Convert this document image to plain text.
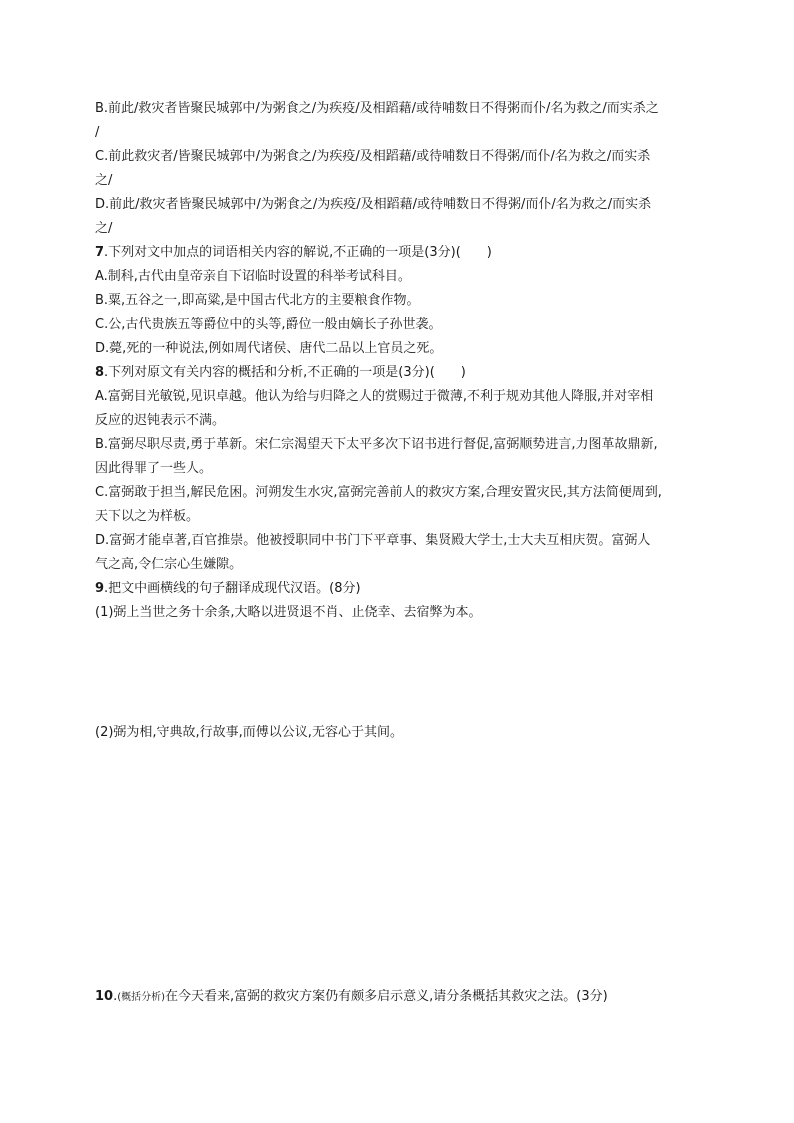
B.前此/救灾者皆聚民城郭中/为粥食之/为疾疫/及相蹈藉/或待哺数日不得粥而仆/名为救之/而实杀之
/
C.前此救灾者/皆聚民城郭中/为粥食之/为疾疫/及相蹈藉/或待哺数日不得粥/而仆/名为救之/而实杀
之/
D.前此/救灾者皆聚民城郭中/为粥食之/为疾疫/及相蹈藉/或待哺数日不得粥/而仆/名为救之/而实杀
之/
7.下列对文中加点的词语相关内容的解说,不正确的一项是(3分)(　　)
A.制科,古代由皇帝亲自下诏临时设置的科举考试科目。
B.粟,五谷之一,即高粱,是中国古代北方的主要粮食作物。
C.公,古代贵族五等爵位中的头等,爵位一般由嫡长子孙世袭。
D.薨,死的一种说法,例如周代诸侯、唐代二品以上官员之死。
8.下列对原文有关内容的概括和分析,不正确的一项是(3分)(　　)
A.富弼目光敏锐,见识卓越。他认为给与归降之人的赏赐过于微薄,不利于规劝其他人降服,并对宰相
反应的迟钝表示不满。
B.富弼尽职尽责,勇于革新。宋仁宗渴望天下太平多次下诏书进行督促,富弼顺势进言,力图革故鼎新,
因此得罪了一些人。
C.富弼敢于担当,解民危困。河朔发生水灾,富弼完善前人的救灾方案,合理安置灾民,其方法简便周到,
天下以之为样板。
D.富弼才能卓著,百官推崇。他被授职同中书门下平章事、集贤殿大学士,士大夫互相庆贺。富弼人
气之高,令仁宗心生嫌隙。
9.把文中画横线的句子翻译成现代汉语。(8分)
(1)弼上当世之务十余条,大略以进贤退不肖、止侥幸、去宿弊为本。
(2)弼为相,守典故,行故事,而傅以公议,无容心于其间。
10.(概括分析)在今天看来,富弼的救灾方案仍有颇多启示意义,请分条概括其救灾之法。(3分)
